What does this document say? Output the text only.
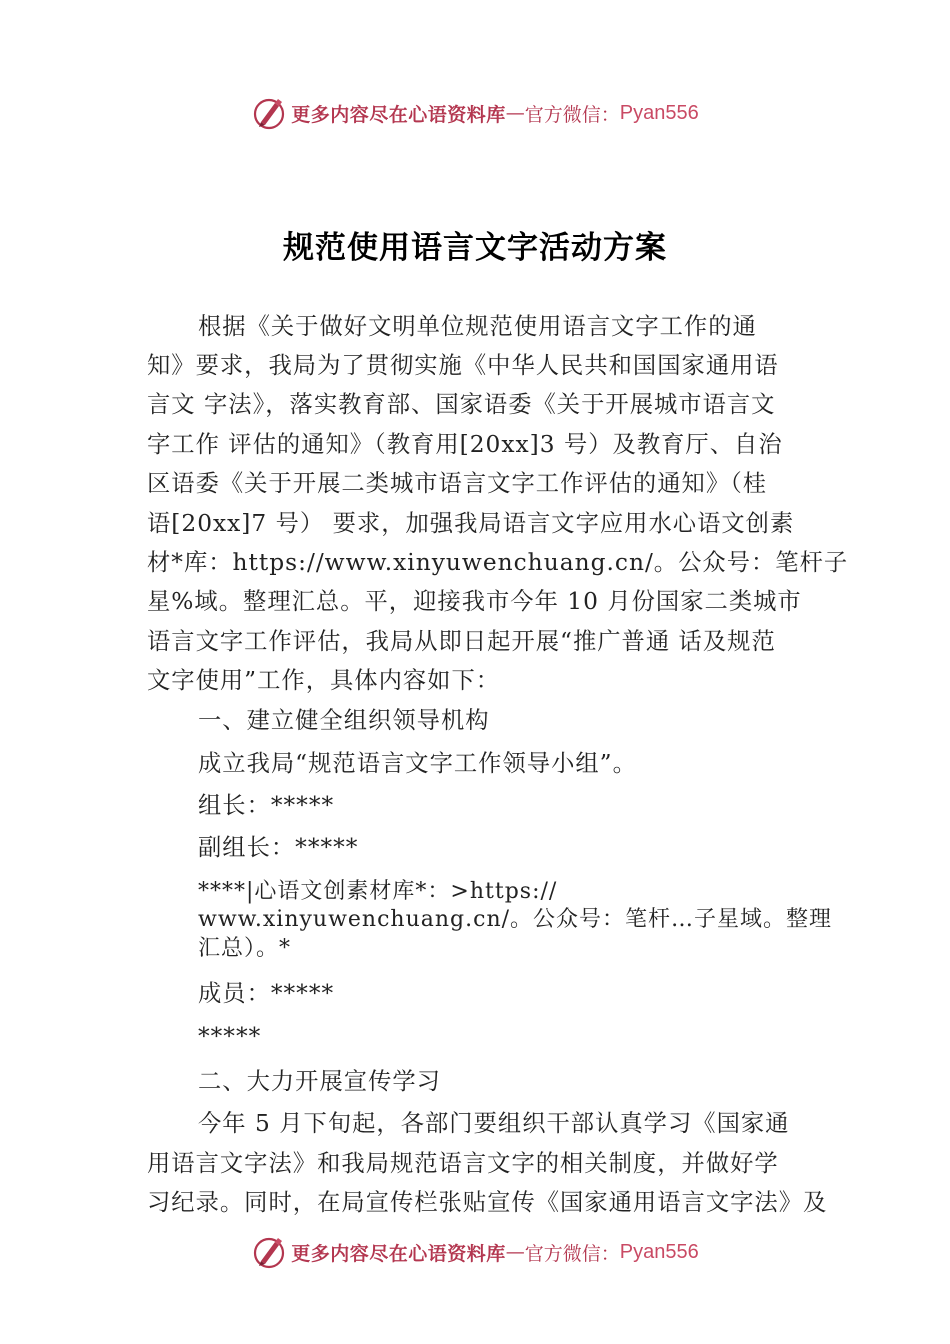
更多内容尽在心语资料库 — 官方微信： Pyan556
规范使用语言文字活动方案
根据《关于做好文明单位规范使用语言文字工作的通
知》要求，我局为了贯彻实施《中华人民共和国国家通用语
言文 字法》，落实教育部、国家语委《关于开展城市语言文
字工作 评估的通知》（教育用[20xx]3 号）及教育厅、自治
区语委《关于开展二类城市语言文字工作评估的通知》（桂
语[20xx]7 号） 要求，加强我局语言文字应用水心语文创素
材*库：https://www.xinyuwenchuang.cn/。公众号：笔杆子
星%域。整理汇总。平，迎接我市今年 10 月份国家二类城市
语言文字工作评估，我局从即日起开展“推广普通 话及规范
文字使用”工作，具体内容如下：
一、建立健全组织领导机构
成立我局“规范语言文字工作领导小组”。
组长：*****
副组长：*****
****|心语文创素材库*：>https://
www.xinyuwenchuang.cn/。公众号：笔杆…子星域。整理
汇总）。*
成员：*****
*****
二、大力开展宣传学习
今年 5 月下旬起，各部门要组织干部认真学习《国家通
用语言文字法》和我局规范语言文字的相关制度，并做好学
习纪录。同时，在局宣传栏张贴宣传《国家通用语言文字法》及
更多内容尽在心语资料库 — 官方微信： Pyan556
